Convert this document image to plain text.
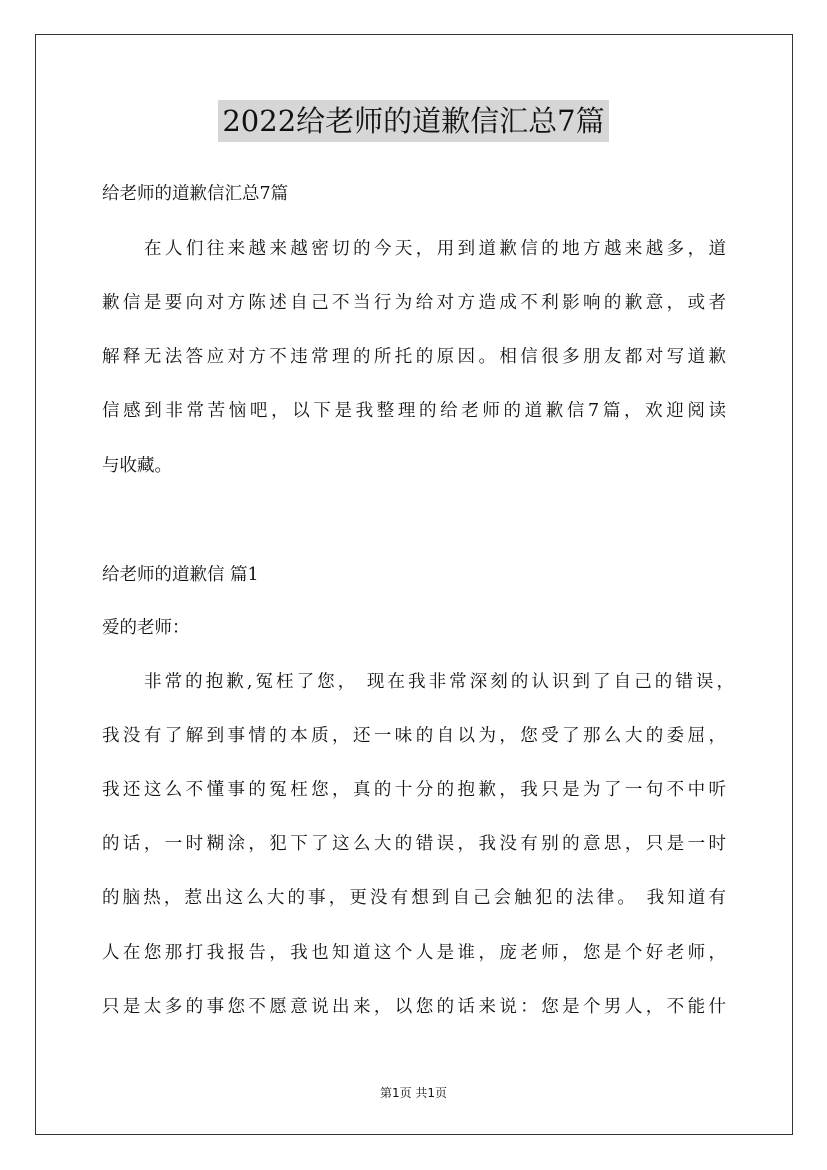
2022给老师的道歉信汇总7篇
给老师的道歉信汇总7篇
在人们往来越来越密切的今天，用到道歉信的地方越来越多，道
歉信是要向对方陈述自己不当行为给对方造成不利影响的歉意，或者
解释无法答应对方不违常理的所托的原因。相信很多朋友都对写道歉
信感到非常苦恼吧，以下是我整理的给老师的道歉信7篇，欢迎阅读
与收藏。
给老师的道歉信 篇1
爱的老师：
非常的抱歉,冤枉了您， 现在我非常深刻的认识到了自己的错误，
我没有了解到事情的本质，还一味的自以为，您受了那么大的委屈，
我还这么不懂事的冤枉您，真的十分的抱歉，我只是为了一句不中听
的话，一时糊涂，犯下了这么大的错误，我没有别的意思，只是一时
的脑热，惹出这么大的事，更没有想到自己会触犯的法律。 我知道有
人在您那打我报告，我也知道这个人是谁，庞老师，您是个好老师，
只是太多的事您不愿意说出来，以您的话来说：您是个男人，不能什
第1页 共1页
